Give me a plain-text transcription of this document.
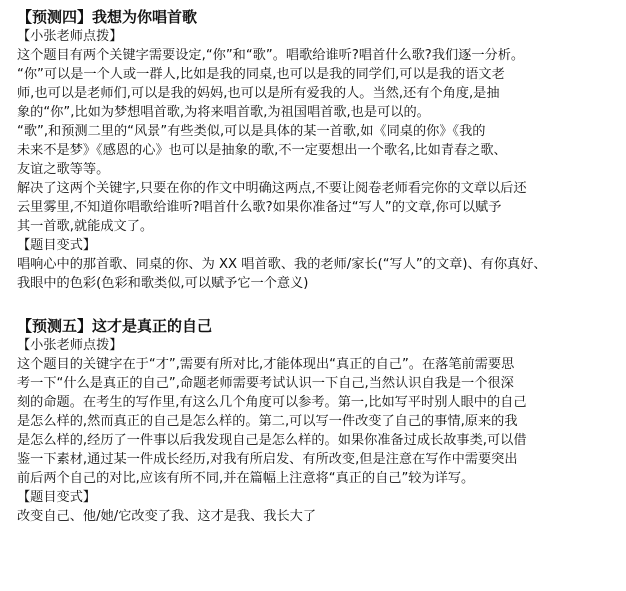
【预测四】我想为你唱首歌

【小张老师点拨】

这个题目有两个关键字需要设定,“你”和“歌”。唱歌给谁听?唱首什么歌?我们逐一分析。

“你”可以是一个人或一群人,比如是我的同桌,也可以是我的同学们,可以是我的语文老

师,也可以是老师们,可以是我的妈妈,也可以是所有爱我的人。当然,还有个角度,是抽

象的“你”,比如为梦想唱首歌,为将来唱首歌,为祖国唱首歌,也是可以的。

“歌”,和预测二里的“风景”有些类似,可以是具体的某一首歌,如《同桌的你》《我的

未来不是梦》《感恩的心》也可以是抽象的歌,不一定要想出一个歌名,比如青春之歌、

友谊之歌等等。

解决了这两个关键字,只要在你的作文中明确这两点,不要让阅卷老师看完你的文章以后还

云里雾里,不知道你唱歌给谁听?唱首什么歌?如果你准备过“写人”的文章,你可以赋予

其一首歌,就能成文了。

【题目变式】

唱响心中的那首歌、同桌的你、为 XX 唱首歌、我的老师/家长(“写人”的文章)、有你真好、

我眼中的色彩(色彩和歌类似,可以赋予它一个意义)

【预测五】这才是真正的自己

【小张老师点拨】

这个题目的关键字在于“才”,需要有所对比,才能体现出“真正的自己”。在落笔前需要思

考一下“什么是真正的自己”,命题老师需要考试认识一下自己,当然认识自我是一个很深

刻的命题。在考生的写作里,有这么几个角度可以参考。第一,比如写平时别人眼中的自己

是怎么样的,然而真正的自己是怎么样的。第二,可以写一件改变了自己的事情,原来的我

是怎么样的,经历了一件事以后我发现自己是怎么样的。如果你准备过成长故事类,可以借

鉴一下素材,通过某一件成长经历,对我有所启发、有所改变,但是注意在写作中需要突出

前后两个自己的对比,应该有所不同,并在篇幅上注意将“真正的自己”较为详写。

【题目变式】

改变自己、他/她/它改变了我、这才是我、我长大了
